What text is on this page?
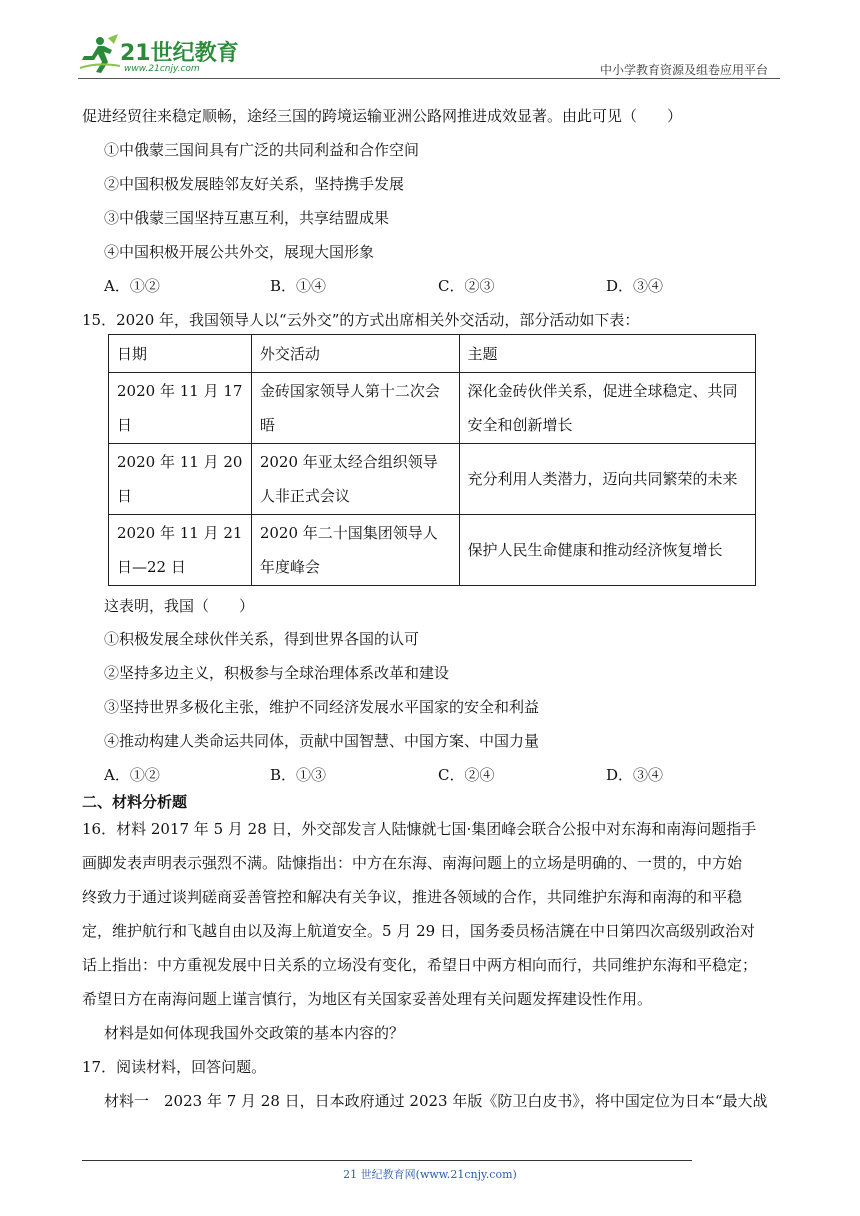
21世纪教育
www.21cnjy.com	中小学教育资源及组卷应用平台
促进经贸往来稳定顺畅，途经三国的跨境运输亚洲公路网推进成效显著。由此可见（　　）
①中俄蒙三国间具有广泛的共同利益和合作空间
②中国积极发展睦邻友好关系，坚持携手发展
③中俄蒙三国坚持互惠互利，共享结盟成果
④中国积极开展公共外交，展现大国形象
A．①②	B．①④	C．②③	D．③④
15．2020 年，我国领导人以“云外交”的方式出席相关外交活动，部分活动如下表：
日期	外交活动	主题
2020 年 11 月 17 日	金砖国家领导人第十二次会晤	深化金砖伙伴关系，促进全球稳定、共同安全和创新增长
2020 年 11 月 20 日	2020 年亚太经合组织领导人非正式会议	充分利用人类潜力，迈向共同繁荣的未来
2020 年 11 月 21 日—22 日	2020 年二十国集团领导人年度峰会	保护人民生命健康和推动经济恢复增长
这表明，我国（　　）
①积极发展全球伙伴关系，得到世界各国的认可
②坚持多边主义，积极参与全球治理体系改革和建设
③坚持世界多极化主张，维护不同经济发展水平国家的安全和利益
④推动构建人类命运共同体，贡献中国智慧、中国方案、中国力量
A．①②	B．①③	C．②④	D．③④
二、材料分析题
16．材料 2017 年 5 月 28 日，外交部发言人陆慷就七国·集团峰会联合公报中对东海和南海问题指手
画脚发表声明表示强烈不满。陆慷指出：中方在东海、南海问题上的立场是明确的、一贯的，中方始
终致力于通过谈判磋商妥善管控和解决有关争议，推进各领域的合作，共同维护东海和南海的和平稳
定，维护航行和飞越自由以及海上航道安全。5 月 29 日，国务委员杨洁篪在中日第四次高级别政治对
话上指出：中方重视发展中日关系的立场没有变化，希望日中两方相向而行，共同维护东海和平稳定；
希望日方在南海问题上谨言慎行，为地区有关国家妥善处理有关问题发挥建设性作用。
材料是如何体现我国外交政策的基本内容的？
17．阅读材料，回答问题。
材料一　2023 年 7 月 28 日，日本政府通过 2023 年版《防卫白皮书》，将中国定位为日本“最大战
21 世纪教育网(www.21cnjy.com)
